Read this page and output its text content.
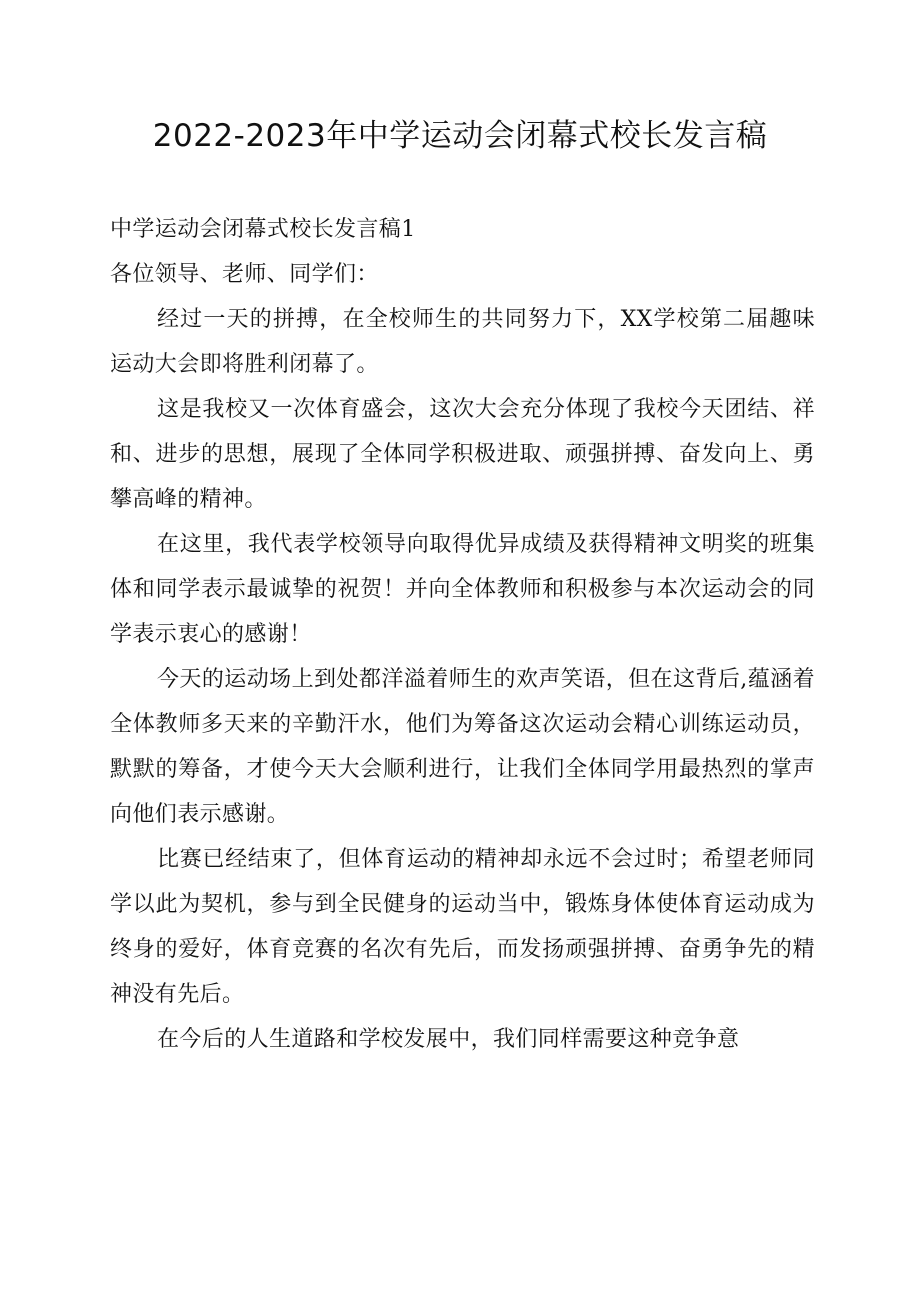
2022-2023年中学运动会闭幕式校长发言稿

中学运动会闭幕式校长发言稿1

各位领导、老师、同学们：

经过一天的拼搏，在全校师生的共同努力下，XX学校第二届趣味运动大会即将胜利闭幕了。

这是我校又一次体育盛会，这次大会充分体现了我校今天团结、祥和、进步的思想，展现了全体同学积极进取、顽强拼搏、奋发向上、勇攀高峰的精神。

在这里，我代表学校领导向取得优异成绩及获得精神文明奖的班集体和同学表示最诚挚的祝贺！并向全体教师和积极参与本次运动会的同学表示衷心的感谢！

今天的运动场上到处都洋溢着师生的欢声笑语，但在这背后,蕴涵着全体教师多天来的辛勤汗水，他们为筹备这次运动会精心训练运动员，默默的筹备，才使今天大会顺利进行，让我们全体同学用最热烈的掌声向他们表示感谢。

比赛已经结束了，但体育运动的精神却永远不会过时；希望老师同学以此为契机，参与到全民健身的运动当中，锻炼身体使体育运动成为终身的爱好，体育竞赛的名次有先后，而发扬顽强拼搏、奋勇争先的精神没有先后。

在今后的人生道路和学校发展中，我们同样需要这种竞争意
